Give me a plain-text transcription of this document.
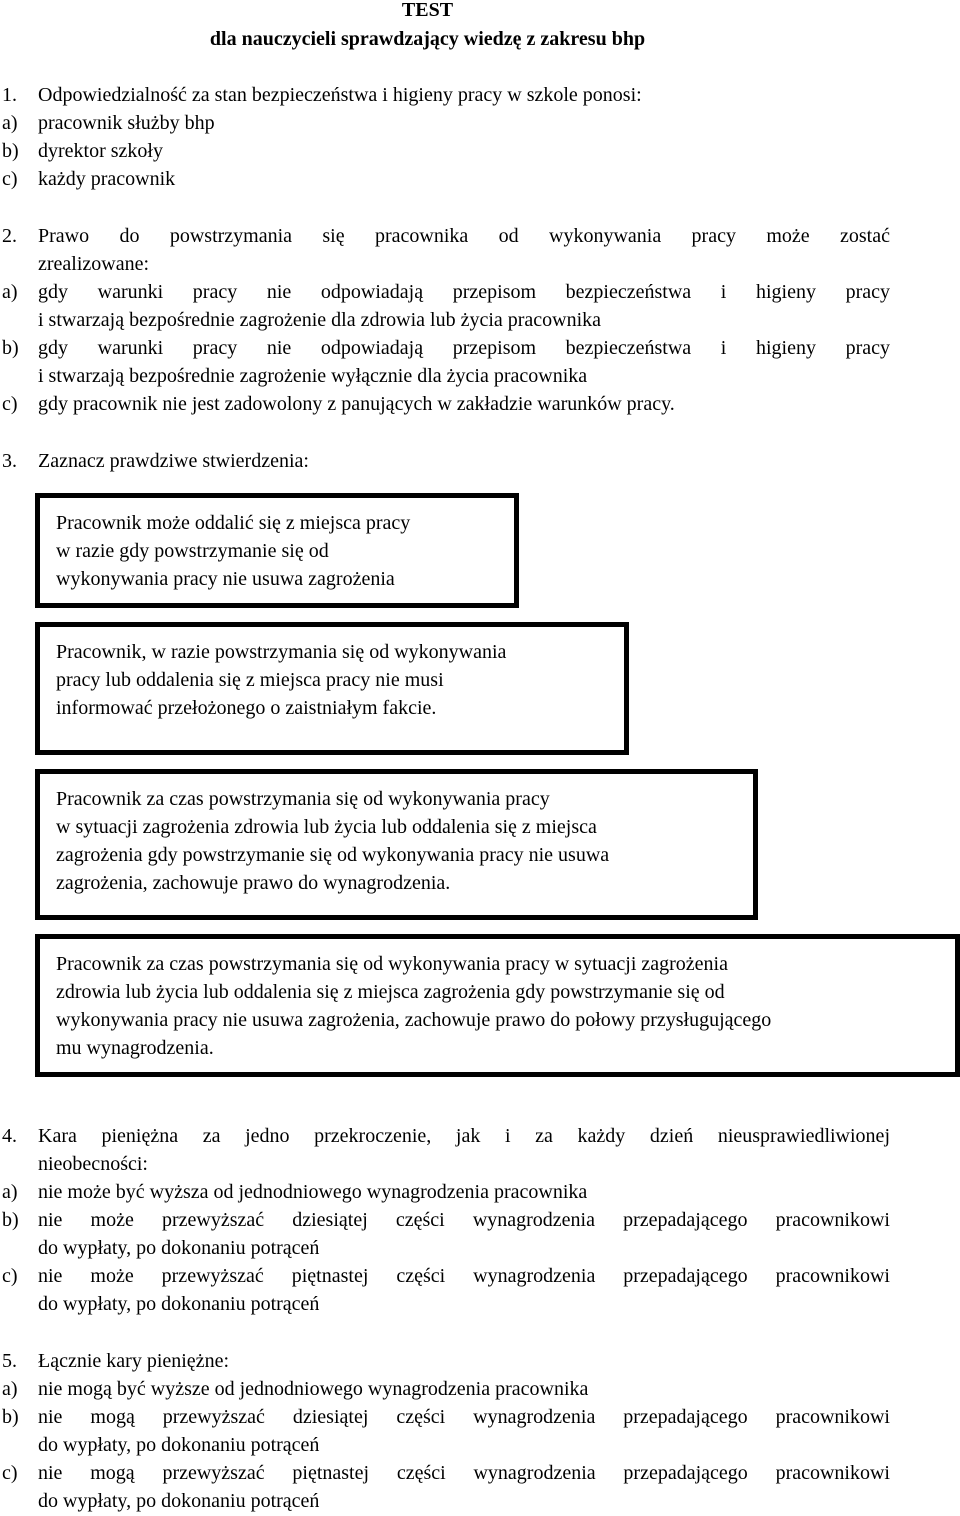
TEST
dla nauczycieli sprawdzający wiedzę z zakresu bhp
1. Odpowiedzialność za stan bezpieczeństwa i higieny pracy w szkole ponosi:
a) pracownik służby bhp
b) dyrektor szkoły
c) każdy pracownik
2. Prawo do powstrzymania się pracownika od wykonywania pracy może zostać
zrealizowane:
a) gdy warunki pracy nie odpowiadają przepisom bezpieczeństwa i higieny pracy
i stwarzają bezpośrednie zagrożenie dla zdrowia lub życia pracownika
b) gdy warunki pracy nie odpowiadają przepisom bezpieczeństwa i higieny pracy
i stwarzają bezpośrednie zagrożenie wyłącznie dla życia pracownika
c) gdy pracownik nie jest zadowolony z panujących w zakładzie warunków pracy.
3. Zaznacz prawdziwe stwierdzenia:
Pracownik może oddalić się z miejsca pracy
w razie gdy powstrzymanie się od
wykonywania pracy nie usuwa zagrożenia
Pracownik, w razie powstrzymania się od wykonywania
pracy lub oddalenia się z miejsca pracy nie musi
informować przełożonego o zaistniałym fakcie.
Pracownik za czas powstrzymania się od wykonywania pracy
w sytuacji zagrożenia zdrowia lub życia lub oddalenia się z miejsca
zagrożenia gdy powstrzymanie się od wykonywania pracy nie usuwa
zagrożenia, zachowuje prawo do wynagrodzenia.
Pracownik za czas powstrzymania się od wykonywania pracy w sytuacji zagrożenia
zdrowia lub życia lub oddalenia się z miejsca zagrożenia gdy powstrzymanie się od
wykonywania pracy nie usuwa zagrożenia, zachowuje prawo do połowy przysługującego
mu wynagrodzenia.
4. Kara pieniężna za jedno przekroczenie, jak i za każdy dzień nieusprawiedliwionej
nieobecności:
a) nie może być wyższa od jednodniowego wynagrodzenia pracownika
b) nie może przewyższać dziesiątej części wynagrodzenia przepadającego pracownikowi
do wypłaty, po dokonaniu potrąceń
c) nie może przewyższać piętnastej części wynagrodzenia przepadającego pracownikowi
do wypłaty, po dokonaniu potrąceń
5. Łącznie kary pieniężne:
a) nie mogą być wyższe od jednodniowego wynagrodzenia pracownika
b) nie mogą przewyższać dziesiątej części wynagrodzenia przepadającego pracownikowi
do wypłaty, po dokonaniu potrąceń
c) nie mogą przewyższać piętnastej części wynagrodzenia przepadającego pracownikowi
do wypłaty, po dokonaniu potrąceń
